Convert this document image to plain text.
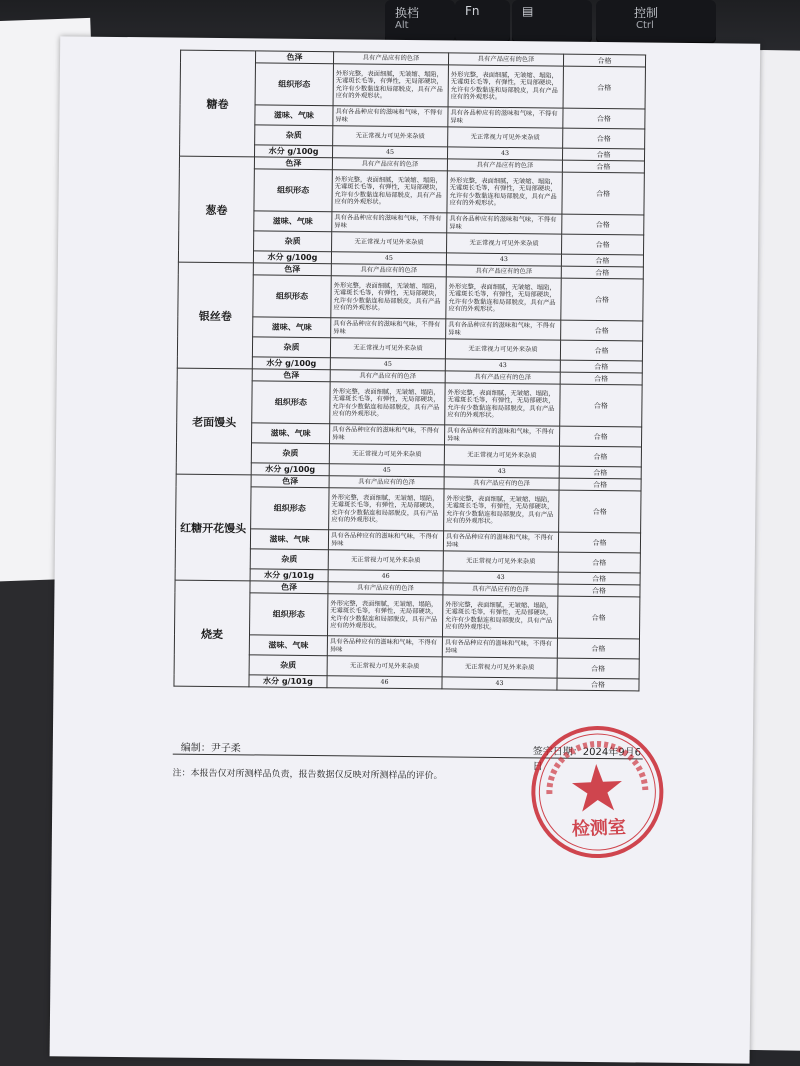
换档
Alt
Fn	▤	控制
Ctrl
糖卷	色泽	具有产品应有的色泽	具有产品应有的色泽	合格
	组织形态	外形完整，表面细腻，无皱缩、塌陷，无霉斑长毛等，有弹性，无局部硬块，允许有少数黏连和局部脱皮，具有产品应有的外观形状。	外形完整，表面细腻，无皱缩、塌陷，无霉斑长毛等，有弹性，无局部硬块，允许有少数黏连和局部脱皮，具有产品应有的外观形状。	合格
	滋味、气味	具有各品种应有的滋味和气味，不得有异味	具有各品种应有的滋味和气味，不得有异味	合格
	杂质	无正常视力可见外来杂质	无正常视力可见外来杂质	合格
	水分 g/100g	45	43	合格
葱卷	色泽	具有产品应有的色泽	具有产品应有的色泽	合格
	组织形态	外形完整，表面细腻，无皱缩、塌陷，无霉斑长毛等，有弹性，无局部硬块，允许有少数黏连和局部脱皮，具有产品应有的外观形状。	外形完整，表面细腻，无皱缩、塌陷，无霉斑长毛等，有弹性，无局部硬块，允许有少数黏连和局部脱皮，具有产品应有的外观形状。	合格
	滋味、气味	具有各品种应有的滋味和气味，不得有异味	具有各品种应有的滋味和气味，不得有异味	合格
	杂质	无正常视力可见外来杂质	无正常视力可见外来杂质	合格
	水分 g/100g	45	43	合格
银丝卷	色泽	具有产品应有的色泽	具有产品应有的色泽	合格
	组织形态	外形完整，表面细腻，无皱缩、塌陷，无霉斑长毛等，有弹性，无局部硬块，允许有少数黏连和局部脱皮，具有产品应有的外观形状。	外形完整，表面细腻，无皱缩、塌陷，无霉斑长毛等，有弹性，无局部硬块，允许有少数黏连和局部脱皮，具有产品应有的外观形状。	合格
	滋味、气味	具有各品种应有的滋味和气味，不得有异味	具有各品种应有的滋味和气味，不得有异味	合格
	杂质	无正常视力可见外来杂质	无正常视力可见外来杂质	合格
	水分 g/100g	45	43	合格
老面馒头	色泽	具有产品应有的色泽	具有产品应有的色泽	合格
	组织形态	外形完整，表面细腻，无皱缩、塌陷，无霉斑长毛等，有弹性，无局部硬块，允许有少数黏连和局部脱皮，具有产品应有的外观形状。	外形完整，表面细腻，无皱缩、塌陷，无霉斑长毛等，有弹性，无局部硬块，允许有少数黏连和局部脱皮，具有产品应有的外观形状。	合格
	滋味、气味	具有各品种应有的滋味和气味，不得有异味	具有各品种应有的滋味和气味，不得有异味	合格
	杂质	无正常视力可见外来杂质	无正常视力可见外来杂质	合格
	水分 g/100g	45	43	合格
红糖开花馒头	色泽	具有产品应有的色泽	具有产品应有的色泽	合格
	组织形态	外形完整，表面细腻，无皱缩、塌陷，无霉斑长毛等，有弹性，无局部硬块，允许有少数黏连和局部脱皮，具有产品应有的外观形状。	外形完整，表面细腻，无皱缩、塌陷，无霉斑长毛等，有弹性，无局部硬块，允许有少数黏连和局部脱皮，具有产品应有的外观形状。	合格
	滋味、气味	具有各品种应有的滋味和气味，不得有异味	具有各品种应有的滋味和气味，不得有异味	合格
	杂质	无正常视力可见外来杂质	无正常视力可见外来杂质	合格
	水分 g/101g	46	43	合格
烧麦	色泽	具有产品应有的色泽	具有产品应有的色泽	合格
	组织形态	外形完整，表面细腻，无皱缩、塌陷，无霉斑长毛等，有弹性，无局部硬块，允许有少数黏连和局部脱皮，具有产品应有的外观形状。	外形完整，表面细腻，无皱缩、塌陷，无霉斑长毛等，有弹性，无局部硬块，允许有少数黏连和局部脱皮，具有产品应有的外观形状。	合格
	滋味、气味	具有各品种应有的滋味和气味，不得有异味	具有各品种应有的滋味和气味，不得有异味	合格
	杂质	无正常视力可见外来杂质	无正常视力可见外来杂质	合格
	水分 g/101g	46	43	合格
编制：尹子柔	签字日期：2024年9月6日
注：本报告仅对所测样品负责，报告数据仅反映对所测样品的评价。
检测室
